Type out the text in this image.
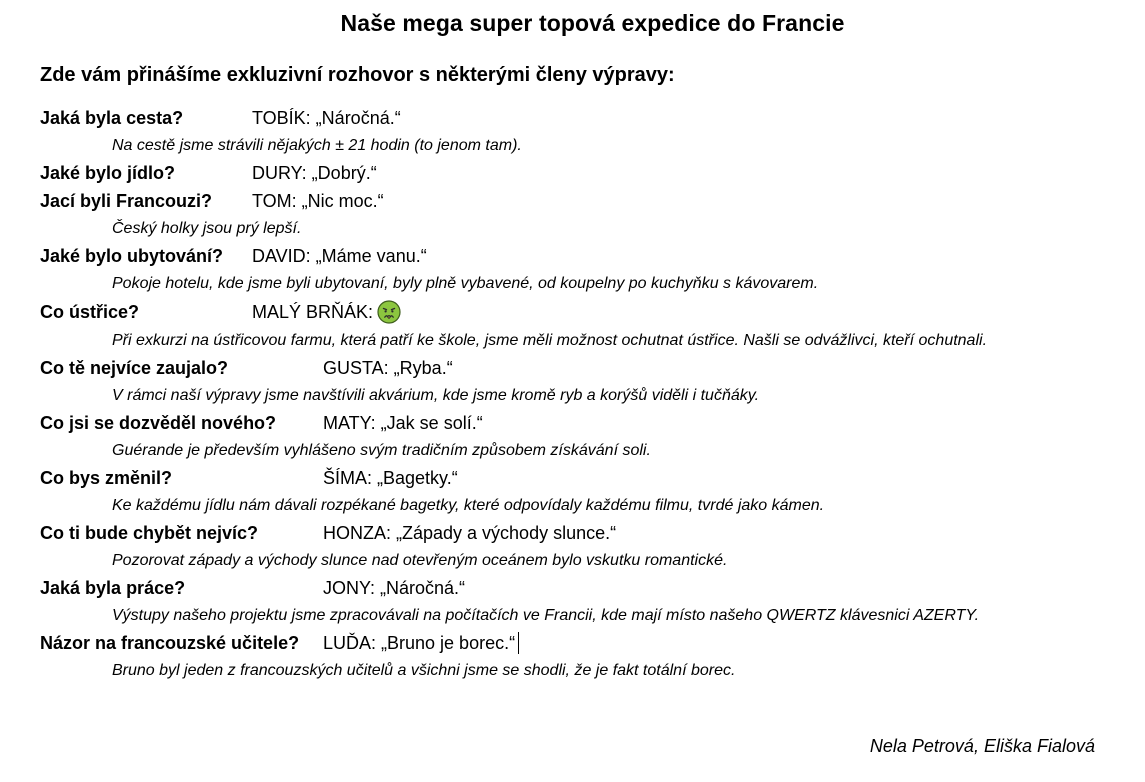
Naše mega super topová expedice do Francie
Zde vám přinášíme exkluzivní rozhovor s některými členy výpravy:
Jaká byla cesta?	TOBÍK: „Náročná.“
Na cestě jsme strávili nějakých ± 21 hodin (to jenom tam).
Jaké bylo jídlo?	DURY: „Dobrý.“
Jací byli Francouzi? TOM: „Nic moc.“
Český holky jsou prý lepší.
Jaké bylo ubytování? DAVID: „Máme vanu.“
Pokoje hotelu, kde jsme byli ubytovaní, byly plně vybavené, od koupelny po kuchyňku s kávovarem.
Co ústřice?	MALÝ BRŇÁK:
Při exkurzi na ústřicovou farmu, která patří ke škole, jsme měli možnost ochutnat ústřice. Našli se odvážlivci, kteří ochutnali.
Co tě nejvíce zaujalo?	GUSTA: „Ryba.“
V rámci naší výpravy jsme navštívili akvárium, kde jsme kromě ryb a korýšů viděli i tučňáky.
Co jsi se dozvěděl nového?	MATY: „Jak se solí.“
Guérande je především vyhlášeno svým tradičním způsobem získávání soli.
Co bys změnil?	ŠÍMA: „Bagetky.“
Ke každému jídlu nám dávali rozpékané bagetky, které odpovídaly každému filmu, tvrdé jako kámen.
Co ti bude chybět nejvíc?	HONZA: „Západy a východy slunce.“
Pozorovat západy a východy slunce nad otevřeným oceánem bylo vskutku romantické.
Jaká byla práce?	JONY: „Náročná.“
Výstupy našeho projektu jsme zpracovávali na počítačích ve Francii, kde mají místo našeho QWERTZ klávesnici AZERTY.
Názor na francouzské učitele? LUĎA: „Bruno je borec.“
Bruno byl jeden z francouzských učitelů a všichni jsme se shodli, že je fakt totální borec.
Nela Petrová, Eliška Fialová
